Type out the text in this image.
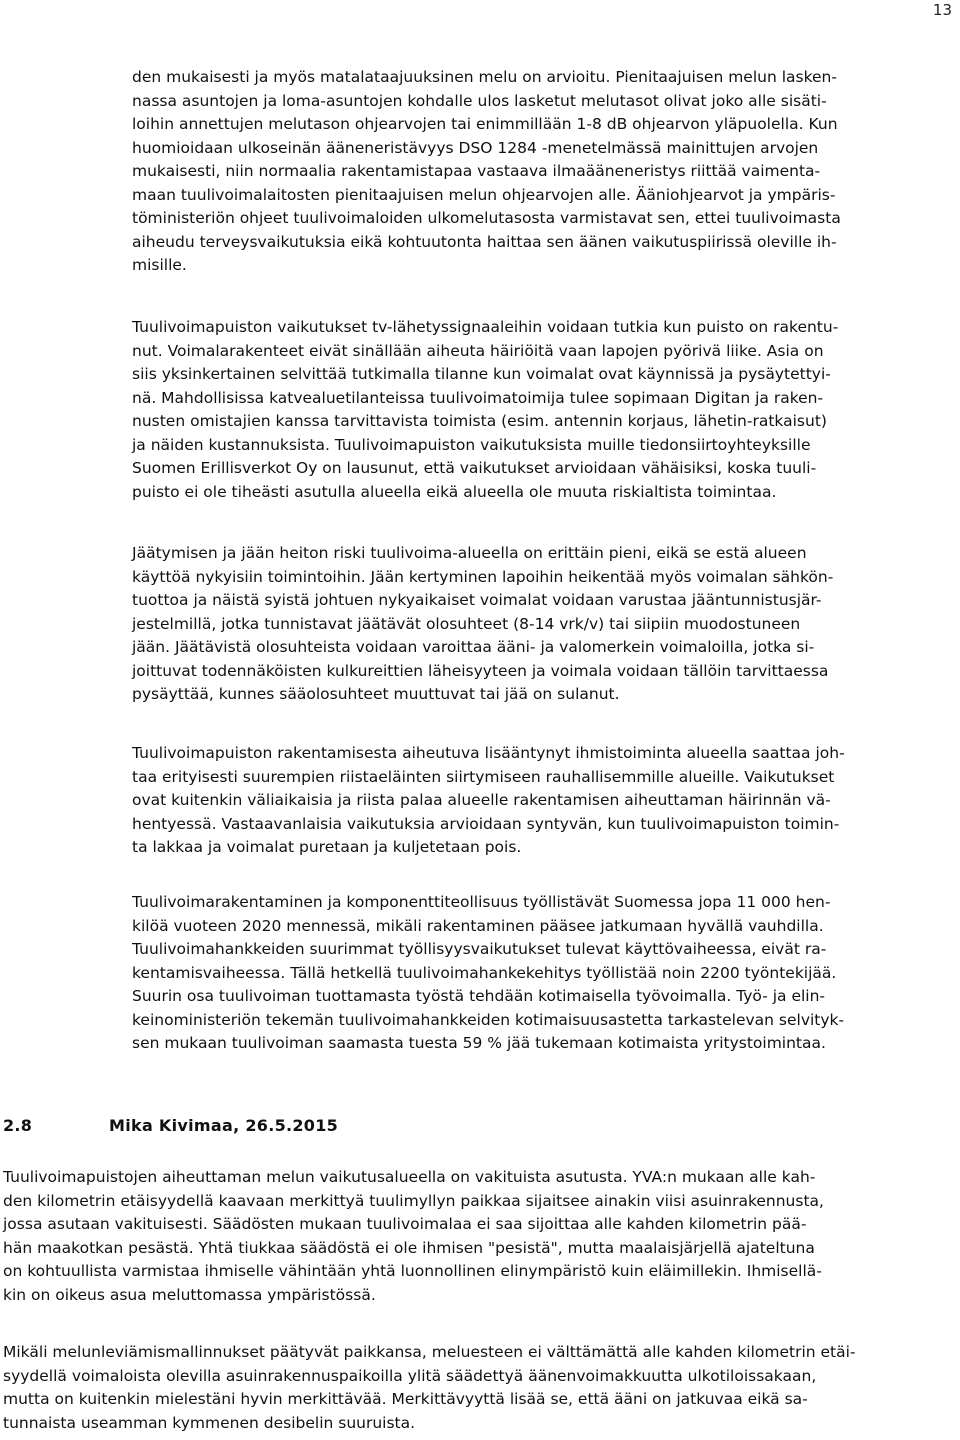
13
den mukaisesti ja myös matalataajuuksinen melu on arvioitu. Pienitaajuisen melun lasken-
nassa asuntojen ja loma-asuntojen kohdalle ulos lasketut melutasot olivat joko alle sisäti-
loihin annettujen melutason ohjearvojen tai enimmillään 1-8 dB ohjearvon yläpuolella. Kun
huomioidaan ulkoseinän ääneneristävyys DSO 1284 -menetelmässä mainittujen arvojen
mukaisesti, niin normaalia rakentamistapaa vastaava ilmaääneneristys riittää vaimenta-
maan tuulivoimalaitosten pienitaajuisen melun ohjearvojen alle. Ääniohjearvot ja ympäris-
töministeriön ohjeet tuulivoimaloiden ulkomelutasosta varmistavat sen, ettei tuulivoimasta
aiheudu terveysvaikutuksia eikä kohtuutonta haittaa sen äänen vaikutuspiirissä oleville ih-
misille.
Tuulivoimapuiston vaikutukset tv-lähetyssignaaleihin voidaan tutkia kun puisto on rakentu-
nut. Voimalarakenteet eivät sinällään aiheuta häiriöitä vaan lapojen pyörivä liike. Asia on
siis yksinkertainen selvittää tutkimalla tilanne kun voimalat ovat käynnissä ja pysäytettyi-
nä. Mahdollisissa katvealuetilanteissa tuulivoimatoimija tulee sopimaan Digitan ja raken-
nusten omistajien kanssa tarvittavista toimista (esim. antennin korjaus, lähetin-ratkaisut)
ja näiden kustannuksista. Tuulivoimapuiston vaikutuksista muille tiedonsiirtoyhteyksille
Suomen Erillisverkot Oy on lausunut, että vaikutukset arvioidaan vähäisiksi, koska tuuli-
puisto ei ole tiheästi asutulla alueella eikä alueella ole muuta riskialtista toimintaa.
Jäätymisen ja jään heiton riski tuulivoima-alueella on erittäin pieni, eikä se estä alueen
käyttöä nykyisiin toimintoihin. Jään kertyminen lapoihin heikentää myös voimalan sähkön-
tuottoa ja näistä syistä johtuen nykyaikaiset voimalat voidaan varustaa jääntunnistusjär-
jestelmillä, jotka tunnistavat jäätävät olosuhteet (8-14 vrk/v) tai siipiin muodostuneen
jään. Jäätävistä olosuhteista voidaan varoittaa ääni- ja valomerkein voimaloilla, jotka si-
joittuvat todennäköisten kulkureittien läheisyyteen ja voimala voidaan tällöin tarvittaessa
pysäyttää, kunnes sääolosuhteet muuttuvat tai jää on sulanut.
Tuulivoimapuiston rakentamisesta aiheutuva lisääntynyt ihmistoiminta alueella saattaa joh-
taa erityisesti suurempien riistaeläinten siirtymiseen rauhallisemmille alueille. Vaikutukset
ovat kuitenkin väliaikaisia ja riista palaa alueelle rakentamisen aiheuttaman häirinnän vä-
hentyessä. Vastaavanlaisia vaikutuksia arvioidaan syntyvän, kun tuulivoimapuiston toimin-
ta lakkaa ja voimalat puretaan ja kuljetetaan pois.
Tuulivoimarakentaminen ja komponenttiteollisuus työllistävät Suomessa jopa 11 000 hen-
kilöä vuoteen 2020 mennessä, mikäli rakentaminen pääsee jatkumaan hyvällä vauhdilla.
Tuulivoimahankkeiden suurimmat työllisyysvaikutukset tulevat käyttövaiheessa, eivät ra-
kentamisvaiheessa. Tällä hetkellä tuulivoimahankekehitys työllistää noin 2200 työntekijää.
Suurin osa tuulivoiman tuottamasta työstä tehdään kotimaisella työvoimalla. Työ- ja elin-
keinoministeriön tekemän tuulivoimahankkeiden kotimaisuusastetta tarkastelevan selvityk-
sen mukaan tuulivoiman saamasta tuesta 59 % jää tukemaan kotimaista yritystoimintaa.
2.8	Mika Kivimaa, 26.5.2015
Tuulivoimapuistojen aiheuttaman melun vaikutusalueella on vakituista asutusta. YVA:n mukaan alle kah-
den kilometrin etäisyydellä kaavaan merkittyä tuulimyllyn paikkaa sijaitsee ainakin viisi asuinrakennusta,
jossa asutaan vakituisesti. Säädösten mukaan tuulivoimalaa ei saa sijoittaa alle kahden kilometrin pää-
hän maakotkan pesästä. Yhtä tiukkaa säädöstä ei ole ihmisen "pesistä", mutta maalaisjärjellä ajateltuna
on kohtuullista varmistaa ihmiselle vähintään yhtä luonnollinen elinympäristö kuin eläimillekin. Ihmisellä-
kin on oikeus asua meluttomassa ympäristössä.
Mikäli melunleviämismallinnukset päätyvät paikkansa, meluesteen ei välttämättä alle kahden kilometrin etäi-
syydellä voimaloista olevilla asuinrakennuspaikoilla ylitä säädettyä äänenvoimakkuutta ulkotiloissakaan,
mutta on kuitenkin mielestäni hyvin merkittävää. Merkittävyyttä lisää se, että ääni on jatkuvaa eikä sa-
tunnaista useamman kymmenen desibelin suuruista.
